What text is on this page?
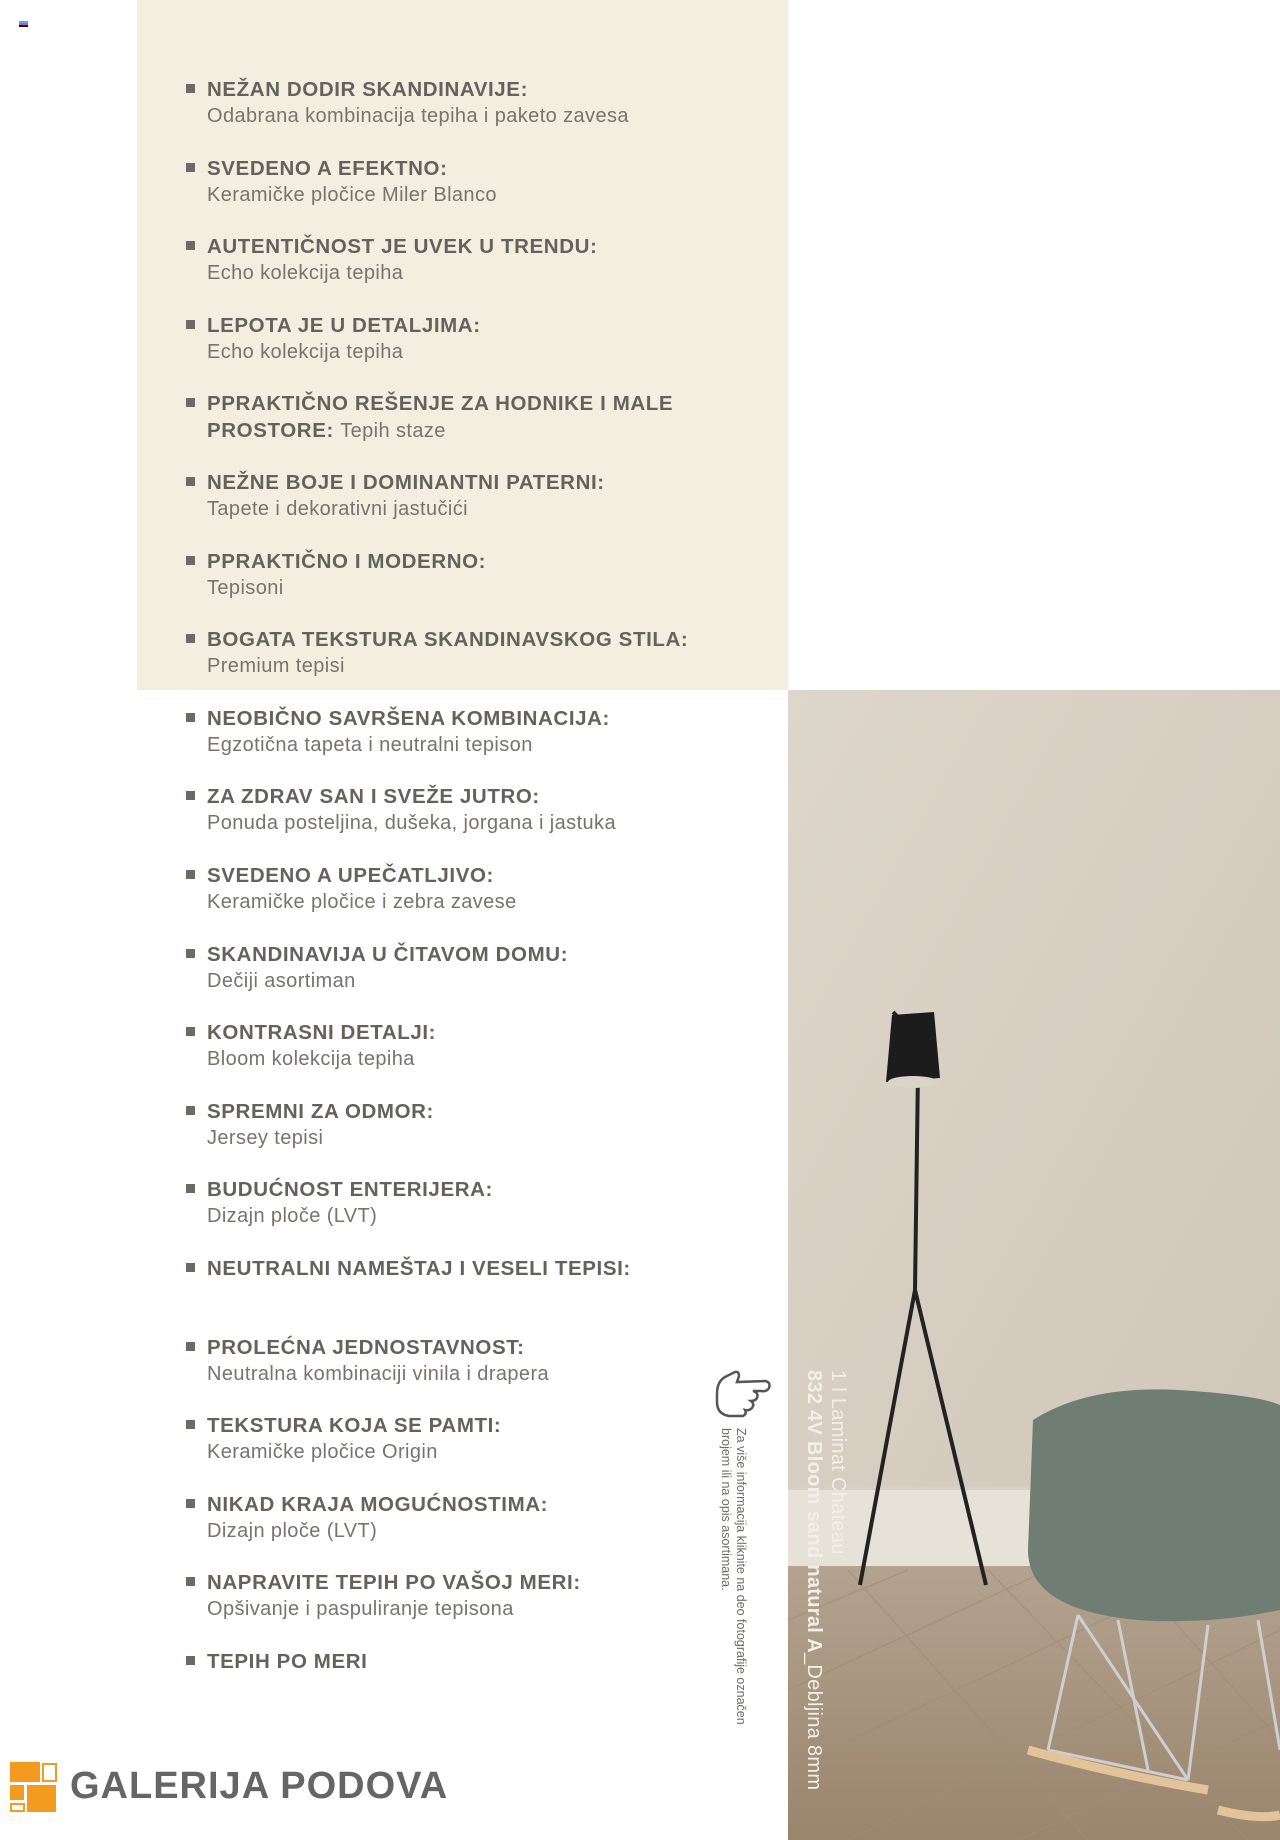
NEŽAN DODIR SKANDINAVIJE:
Odabrana kombinacija tepiha i paketo zavesa
SVEDENO A EFEKTNO:
Keramičke pločice Miler Blanco
AUTENTIČNOST JE UVEK U TRENDU:
Echo kolekcija tepiha
LEPOTA JE U DETALJIMA:
Echo kolekcija tepiha
PPRAKTIČNO REŠENJE ZA HODNIKE I MALE PROSTORE: Tepih staze
NEŽNE BOJE I DOMINANTNI PATERNI:
Tapete i dekorativni jastučići
PPRAKTIČNO I MODERNO:
Tepisoni
BOGATA TEKSTURA SKANDINAVSKOG STILA:
Premium tepisi
NEOBIČNO SAVRŠENA KOMBINACIJA:
Egzotična tapeta i neutralni tepison
ZA ZDRAV SAN I SVEŽE JUTRO:
Ponuda posteljina, dušeka, jorgana i jastuka
SVEDENO A UPEČATLJIVO:
Keramičke pločice i zebra zavese
SKANDINAVIJA U ČITAVOM DOMU:
Dečiji asortiman
KONTRASNI DETALJI:
Bloom kolekcija tepiha
SPREMNI ZA ODMOR:
Jersey tepisi
BUDUĆNOST ENTERIJERA:
Dizajn ploče (LVT)
NEUTRALNI NAMEŠTAJ I VESELI TEPISI:
PROLEĆNA JEDNOSTAVNOST:
Neutralna kombinaciji vinila i drapera
TEKSTURA KOJA SE PAMTI:
Keramičke pločice Origin
NIKAD KRAJA MOGUĆNOSTIMA:
Dizajn ploče (LVT)
NAPRAVITE TEPIH PO VAŠOJ MERI:
Opšivanje i paspuliranje tepisona
TEPIH PO MERI
1 l Laminat Chateau
832 4V Bloom sand natural A_Debljina 8mm
Za više informacija kliknite na deo fotografije označen
brojem ili na opis asortimana.
GALERIJA PODOVA
